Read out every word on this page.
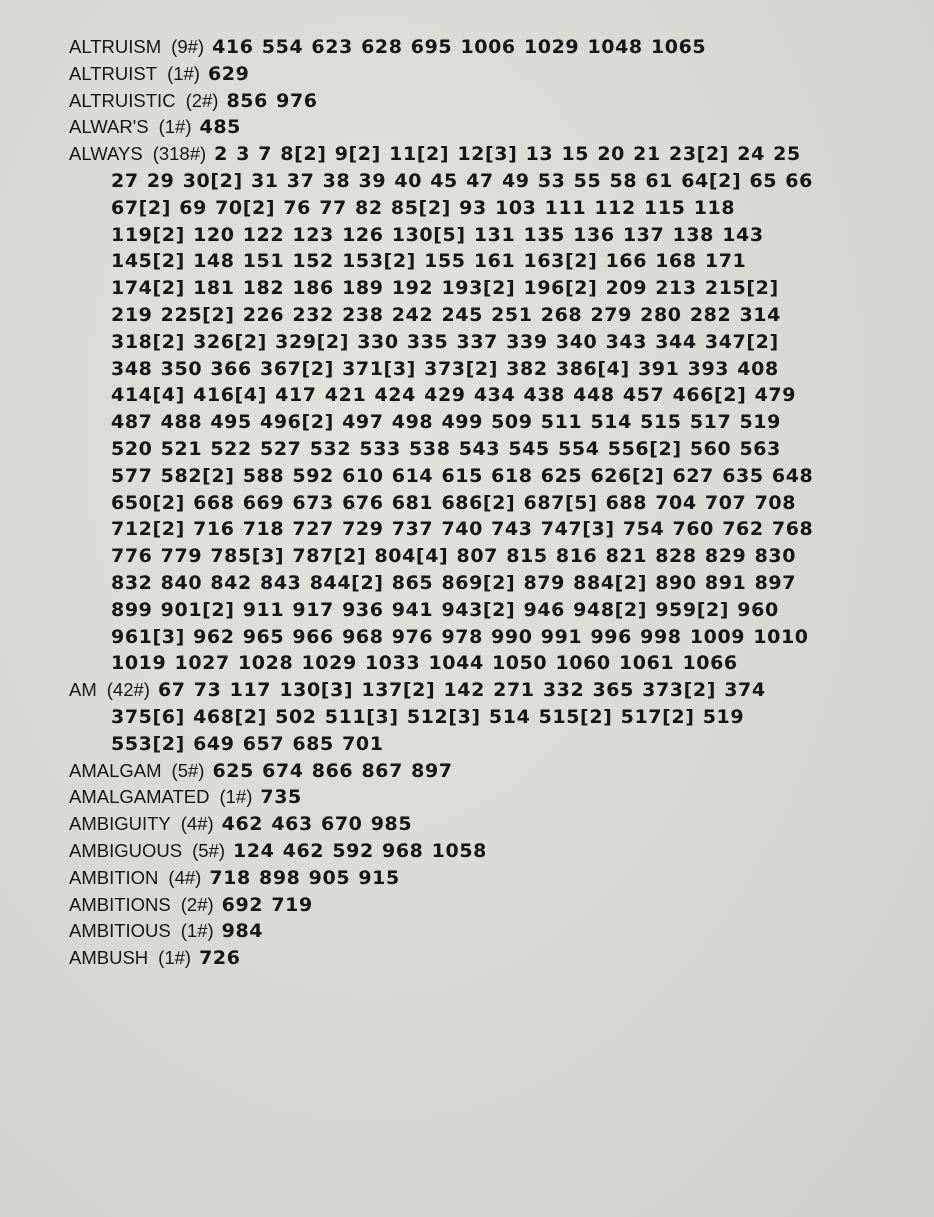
ALTRUISM (9#) 416 554 623 628 695 1006 1029 1048 1065

ALTRUIST (1#) 629

ALTRUISTIC (2#) 856 976

ALWAR'S (1#) 485

ALWAYS (318#) 2 3 7 8[2] 9[2] 11[2] 12[3] 13 15 20 21 23[2] 24 25 27 29 30[2] 31 37 38 39 40 45 47 49 53 55 58 61 64[2] 65 66 67[2] 69 70[2] 76 77 82 85[2] 93 103 111 112 115 118 119[2] 120 122 123 126 130[5] 131 135 136 137 138 143 145[2] 148 151 152 153[2] 155 161 163[2] 166 168 171 174[2] 181 182 186 189 192 193[2] 196[2] 209 213 215[2] 219 225[2] 226 232 238 242 245 251 268 279 280 282 314 318[2] 326[2] 329[2] 330 335 337 339 340 343 344 347[2] 348 350 366 367[2] 371[3] 373[2] 382 386[4] 391 393 408 414[4] 416[4] 417 421 424 429 434 438 448 457 466[2] 479 487 488 495 496[2] 497 498 499 509 511 514 515 517 519 520 521 522 527 532 533 538 543 545 554 556[2] 560 563 577 582[2] 588 592 610 614 615 618 625 626[2] 627 635 648 650[2] 668 669 673 676 681 686[2] 687[5] 688 704 707 708 712[2] 716 718 727 729 737 740 743 747[3] 754 760 762 768 776 779 785[3] 787[2] 804[4] 807 815 816 821 828 829 830 832 840 842 843 844[2] 865 869[2] 879 884[2] 890 891 897 899 901[2] 911 917 936 941 943[2] 946 948[2] 959[2] 960 961[3] 962 965 966 968 976 978 990 991 996 998 1009 1010 1019 1027 1028 1029 1033 1044 1050 1060 1061 1066

AM (42#) 67 73 117 130[3] 137[2] 142 271 332 365 373[2] 374 375[6] 468[2] 502 511[3] 512[3] 514 515[2] 517[2] 519 553[2] 649 657 685 701

AMALGAM (5#) 625 674 866 867 897

AMALGAMATED (1#) 735

AMBIGUITY (4#) 462 463 670 985

AMBIGUOUS (5#) 124 462 592 968 1058

AMBITION (4#) 718 898 905 915

AMBITIONS (2#) 692 719

AMBITIOUS (1#) 984

AMBUSH (1#) 726
